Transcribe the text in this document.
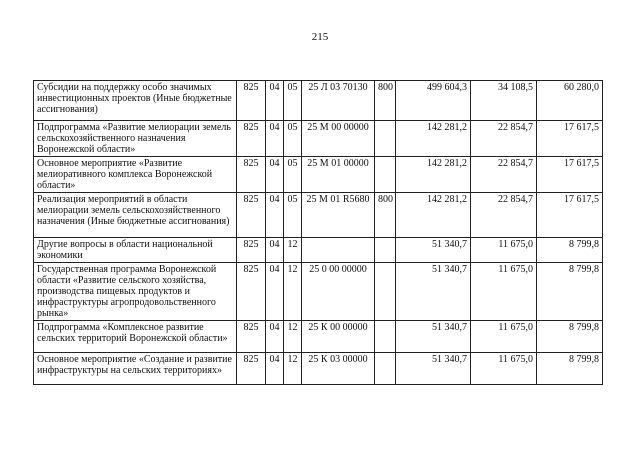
215
Субсидии на поддержку особо значимых инвестиционных проектов (Иные бюджетные ассигнования)	825	04	05	25 Л 03 70130	800	499 604,3	34 108,5	60 280,0
Подпрограмма «Развитие мелиорации земель сельскохозяйственного назначения Воронежской области»	825	04	05	25 М 00 00000		142 281,2	22 854,7	17 617,5
Основное мероприятие «Развитие мелиоративного комплекса Воронежской области»	825	04	05	25 М 01 00000		142 281,2	22 854,7	17 617,5
Реализация мероприятий в области мелиорации земель сельскохозяйственного назначения (Иные бюджетные ассигнования)	825	04	05	25 М 01 R5680	800	142 281,2	22 854,7	17 617,5
Другие вопросы в области национальной экономики	825	04	12			51 340,7	11 675,0	8 799,8
Государственная программа Воронежской области «Развитие сельского хозяйства, производства пищевых продуктов и инфраструктуры агропродовольственного рынка»	825	04	12	25 0 00 00000		51 340,7	11 675,0	8 799,8
Подпрограмма «Комплексное развитие сельских территорий Воронежской области»	825	04	12	25 К 00 00000		51 340,7	11 675,0	8 799,8
Основное мероприятие «Создание и развитие инфраструктуры на сельских территориях»	825	04	12	25 К 03 00000		51 340,7	11 675,0	8 799,8
